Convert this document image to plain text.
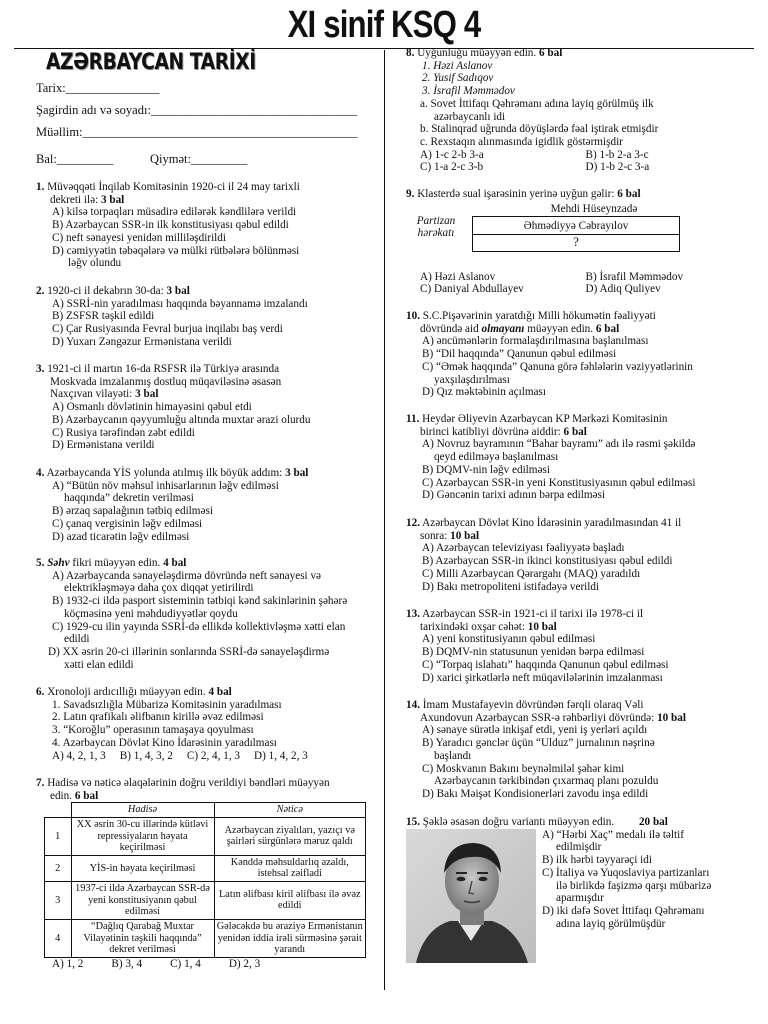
XI sinif KSQ 4
AZƏRBAYCAN TARİXİ
Tarix:_______________
Şagirdin adı və soyadı:_________________________________
Müəllim:____________________________________________
Bal:_________	Qiymət:_________

1. Müvəqqəti İnqilab Komitəsinin 1920-ci il 24 may tarixli

dekreti ilə: 3 bal

A) kilsə torpaqları müsadirə edilərək kəndlilərə verildi

B) Azərbaycan SSR-in ilk konstitusiyası qəbul edildi

C) neft sənayesi yenidən milliləşdirildi

D) cəmiyyətin təbəqələrə və mülki rütbələrə bölünməsi

ləğv olundu

2. 1920-ci il dekabrın 30-da: 3 bal

A) SSRİ-nin yaradılması haqqında bəyannamə imzalandı

B) ZSFSR təşkil edildi

C) Çar Rusiyasında Fevral burjua inqilabı baş verdi

D) Yuxarı Zəngəzur Ermənistana verildi

3. 1921-ci il martın 16-da RSFSR ilə Türkiyə arasında

Moskvada imzalanmış dostluq müqaviləsinə əsasən

Naxçıvan vilayəti: 3 bal

A) Osmanlı dövlətinin himayəsini qəbul etdi

B) Azərbaycanın qəyyumluğu altında muxtar ərazi olurdu

C) Rusiya tərəfindən zəbt edildi

D) Ermənistana verildi

4. Azərbaycanda YİS yolunda atılmış ilk böyük addım: 3 bal

A) “Bütün növ məhsul inhisarlarının ləğv edilməsi

haqqında” dekretin verilməsi

B) ərzaq sapalağının tətbiq edilməsi

C) çanaq vergisinin ləğv edilməsi

D) azad ticarətin ləğv edilməsi

5. Səhv fikri müəyyən edin. 4 bal

A) Azərbaycanda sənayeləşdirmə dövründə neft sənayesi və

elektrikləşməyə daha çox diqqət yetirilirdi

B) 1932-ci ildə pasport sisteminin tətbiqi kənd sakinlərinin şəhərə

köçməsinə yeni məhdudiyyətlər qoydu

C) 1929-cu ilin yayında SSRİ-də ellikdə kollektivləşmə xətti elan

edildi

D) XX əsrin 20-ci illərinin sonlarında SSRİ-də sənayeləşdirmə

xətti elan edildi

6. Xronoloji ardıcıllığı müəyyən edin. 4 bal

1. Savadsızlığla Mübarizə Komitəsinin yaradılması

2. Latın qrafikalı əlifbanın kirillə əvəz edilməsi

3. “Koroğlu” operasının tamaşaya qoyulması

4. Azərbaycan Dövlət Kino İdarəsinin yaradılması

A) 4, 2, 1, 3     B) 1, 4, 3, 2     C) 2, 4, 1, 3     D) 1, 4, 2, 3

7. Hadisə və nəticə əlaqələrinin doğru verildiyi bəndləri müəyyən

edin. 6 bal

	Hadisə	Nəticə
1	XX əsrin 30-cu illərində kütləvi repressiyaların həyata keçirilməsi	Azərbaycan ziyalıları, yazıçı və şairləri sürgünlərə məruz qaldı
2	YİS-in həyata keçirilməsi	Kənddə məhsuldarlıq azaldı, istehsal zəifladi
3	1937-ci ildə Azərbaycan SSR-də yeni konstitusiyanın qəbul edilməsi	Latın əlifbası kiril əlifbası ilə əvəz edildi
4	“Dağlıq Qarabağ Muxtar Vilayətinin təşkili haqqında” dekret verilməsi	Gələcəkdə bu əraziyə Ermənistanın yenidən iddia irəli sürməsinə şərait yarandı

A) 1, 2          B) 3, 4          C) 1, 4          D) 2, 3

8. Uyğunluğu müəyyən edin. 6 bal

1. Həzi Aslanov

2. Yusif Sadıqov

3. İsrafil Məmmədov

a. Sovet İttifaqı Qəhrəmanı adına layiq görülmüş ilk

azərbaycanlı idi

b. Stalinqrad uğrunda döyüşlərdə fəal iştirak etmişdir

c. Rexstaqın alınmasında igidlik göstərmişdir

A) 1-c 2-b 3-a	B) 1-b 2-a 3-c
C) 1-a 2-c 3-b	D) 1-b 2-c 3-a

9. Klasterdə sual işarəsinin yerinə uyğun gəlir: 6 bal

Mehdi Hüseynzadə
Partizan
hərəkatı
Əhmədiyyə Cəbrayılov
?
A) Həzi Aslanov	B) İsrafil Məmmədov
C) Daniyal Abdullayev	D) Adiq Quliyev

10. S.C.Pişəvərinin yaratdığı Milli hökumətin fəaliyyəti

dövründə aid olmayanı müəyyən edin. 6 bal

A) əncümənlərin formalaşdırılmasına başlanılması

B) “Dil haqqında” Qanunun qəbul edilməsi

C) “Əmək haqqında” Qanuna görə fəhlələrin vəziyyətlərinin

yaxşılaşdırılması

D) Qız məktəbinin açılması

11. Heydər Əliyevin Azərbaycan KP Mərkəzi Komitəsinin

birinci katibliyi dövrünə aiddir: 6 bal

A) Novruz bayramının “Bahar bayramı” adı ilə rəsmi şəkildə

qeyd edilməyə başlanılması

B) DQMV-nin ləğv edilməsi

C) Azərbaycan SSR-in yeni Konstitusiyasının qəbul edilməsi

D) Gəncənin tarixi adının bərpa edilməsi

12. Azərbaycan Dövlət Kino İdarəsinin yaradılmasından 41 il

sonra: 10 bal

A) Azərbaycan televiziyası fəaliyyətə başladı

B) Azərbaycan SSR-in ikinci konstitusiyası qəbul edildi

C) Milli Azərbaycan Qərargahı (MAQ) yaradıldı

D) Bakı metropoliteni istifadəyə verildi

13. Azərbaycan SSR-in 1921-ci il tarixi ilə 1978-ci il

tarixindəki oxşar cəhət: 10 bal

A) yeni konstitusiyanın qəbul edilməsi

B) DQMV-nin statusunun yenidən bərpa edilməsi

C) “Torpaq islahatı” haqqında Qanunun qəbul edilməsi

D) xarici şirkətlərlə neft müqavilələrinin imzalanması

14. İmam Mustafayevin dövründən fərqli olaraq Vəli

Axundovun Azərbaycan SSR-ə rəhbərliyi dövründə: 10 bal

A) sənaye sürətlə inkişaf etdi, yeni iş yerləri açıldı

B) Yaradıcı gənclər üçün “Ulduz” jurnalının nəşrinə

başlandı

C) Moskvanın Bakını beynəlmiləl şəhər kimi

Azərbaycanın tərkibindən çıxarmaq planı pozuldu

D) Bakı Məişət Kondisionerləri zavodu inşa edildi

15. Şəklə əsasən doğru variantı müəyyən edin. 20 bal

A) “Hərbi Xaç” medalı ilə təltif

edilmişdir

B) ilk hərbi təyyarəçi idi

C) İtaliya və Yuqoslaviya partizanları

ilə birlikdə faşizmə qarşı mübarizə

aparmışdır

D) iki dəfə Sovet İttifaqı Qəhrəmanı

adına layiq görülmüşdür
